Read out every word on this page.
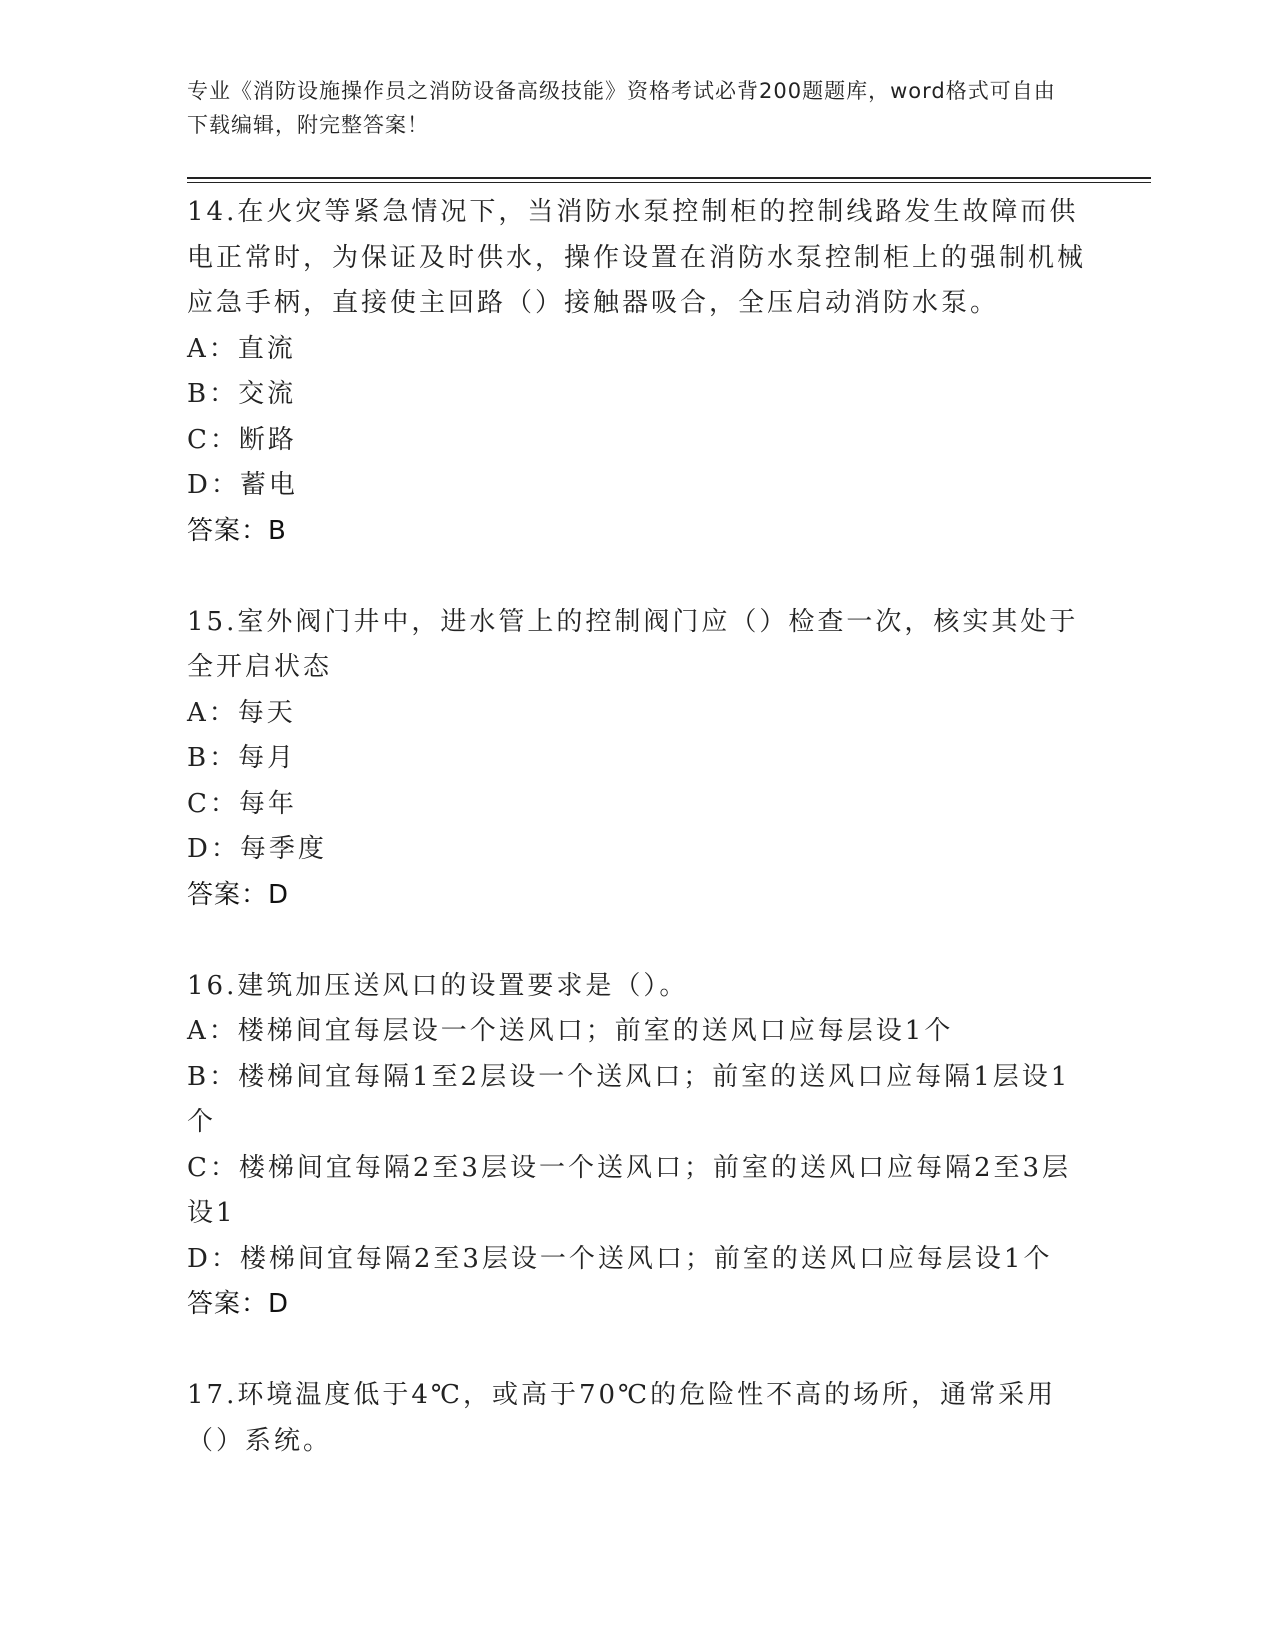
专业《消防设施操作员之消防设备高级技能》资格考试必背200题题库，word格式可自由下载编辑，附完整答案！

14.在火灾等紧急情况下，当消防水泵控制柜的控制线路发生故障而供电正常时，为保证及时供水，操作设置在消防水泵控制柜上的强制机械应急手柄，直接使主回路（）接触器吸合，全压启动消防水泵。

A：直流

B：交流

C：断路

D：蓄电

答案：B

15.室外阀门井中，进水管上的控制阀门应（）检查一次，核实其处于全开启状态

A：每天

B：每月

C：每年

D：每季度

答案：D

16.建筑加压送风口的设置要求是（）。

A：楼梯间宜每层设一个送风口；前室的送风口应每层设1个

B：楼梯间宜每隔1至2层设一个送风口；前室的送风口应每隔1层设1个

C：楼梯间宜每隔2至3层设一个送风口；前室的送风口应每隔2至3层设1

D：楼梯间宜每隔2至3层设一个送风口；前室的送风口应每层设1个

答案：D

17.环境温度低于4℃，或高于70℃的危险性不高的场所，通常采用（）系统。
